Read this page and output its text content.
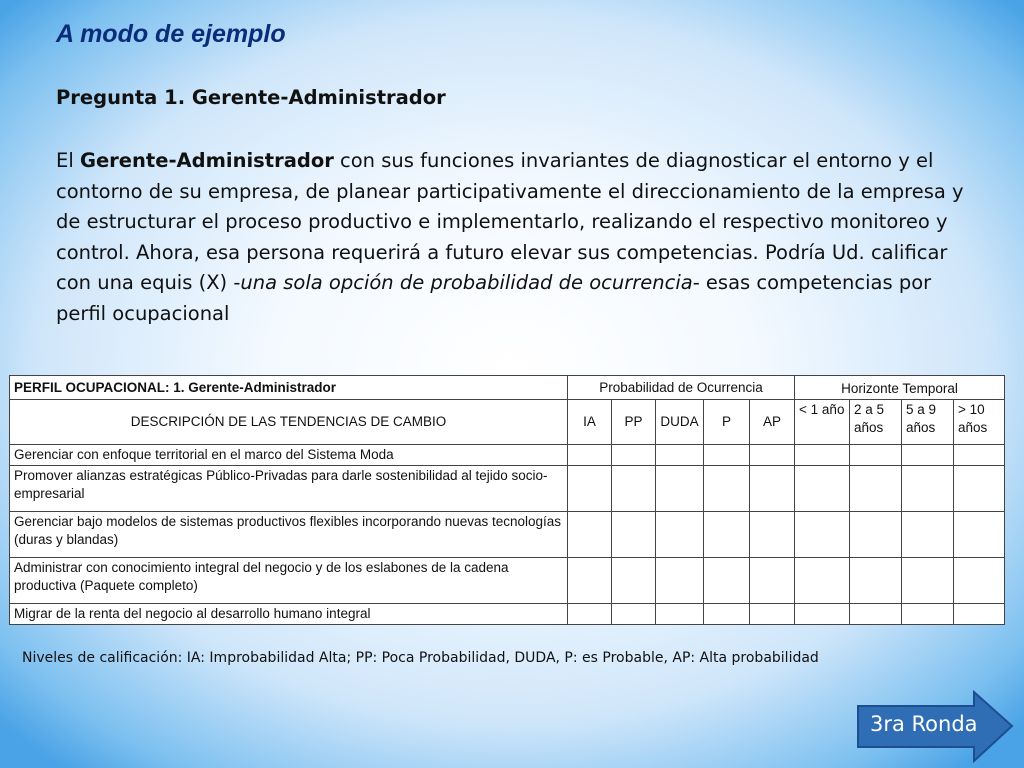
A modo de ejemplo
Pregunta 1. Gerente-Administrador

El Gerente-Administrador con sus funciones invariantes de diagnosticar el entorno y el contorno de su empresa, de planear participativamente el direccionamiento de la empresa y de estructurar el proceso productivo e implementarlo, realizando el respectivo monitoreo y control. Ahora, esa persona requerirá a futuro elevar sus competencias. Podría Ud. calificar con una equis (X) -una sola opción de probabilidad de ocurrencia- esas competencias por perfil ocupacional

PERFIL OCUPACIONAL: 1. Gerente-Administrador	Probabilidad de Ocurrencia					Horizonte Temporal			
DESCRIPCIÓN DE LAS TENDENCIAS DE CAMBIO	IA	PP	DUDA	P	AP	< 1 año	2 a 5 años	5 a 9 años	> 10 años
Gerenciar con enfoque territorial en el marco del Sistema Moda									
Promover alianzas estratégicas Público-Privadas para darle sostenibilidad al tejido socio-empresarial									
Gerenciar bajo modelos de sistemas productivos flexibles incorporando nuevas tecnologías (duras y blandas)									
Administrar con conocimiento integral del negocio y de los eslabones de la cadena productiva (Paquete completo)									
Migrar de la renta del negocio al desarrollo humano integral									

Niveles de calificación: IA: Improbabilidad Alta; PP: Poca Probabilidad, DUDA, P: es Probable, AP: Alta probabilidad

3ra Ronda
